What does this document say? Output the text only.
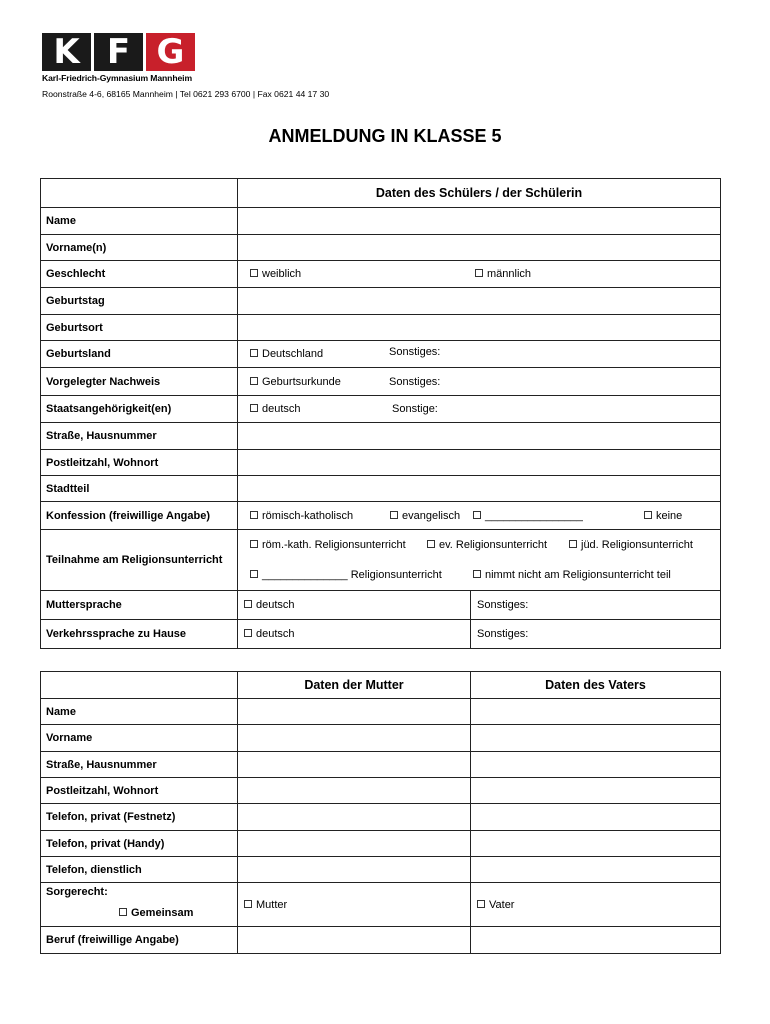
K F G
Karl-Friedrich-Gymnasium Mannheim
Roonstraße 4-6, 68165 Mannheim | Tel 0621 293 6700 | Fax 0621 44 17 30
ANMELDUNG IN KLASSE 5
	Daten des Schülers / der Schülerin	
Name		
Vorname(n)		
Geschlecht	weiblich männlich	

Geburtstag		
Geburtsort		
Geburtsland	Deutschland Sonstiges:	

Vorgelegter Nachweis	Geburtsurkunde Sonstiges:	

Staatsangehörigkeit(en)	deutsch Sonstige:	

Straße, Hausnummer		
Postleitzahl, Wohnort		
Stadtteil		
Konfession (freiwillige Angabe)	römisch-katholisch evangelisch ________________ keine	

Teilnahme am Religionsunterricht	röm.-kath. Religionsunterricht ev. Religionsunterricht jüd. Religionsunterricht
______________ Religionsunterricht nimmt nicht am Religionsunterricht teil	

Muttersprache	deutsch	Sonstiges:
Verkehrssprache zu Hause	deutsch	Sonstiges:
	Daten der Mutter	Daten des Vaters
Name		
Vorname		
Straße, Hausnummer		
Postleitzahl, Wohnort		
Telefon, privat (Festnetz)		
Telefon, privat (Handy)		
Telefon, dienstlich		

Sorgerecht:
Gemeinsam	Mutter	Vater
Beruf (freiwillige Angabe)		
